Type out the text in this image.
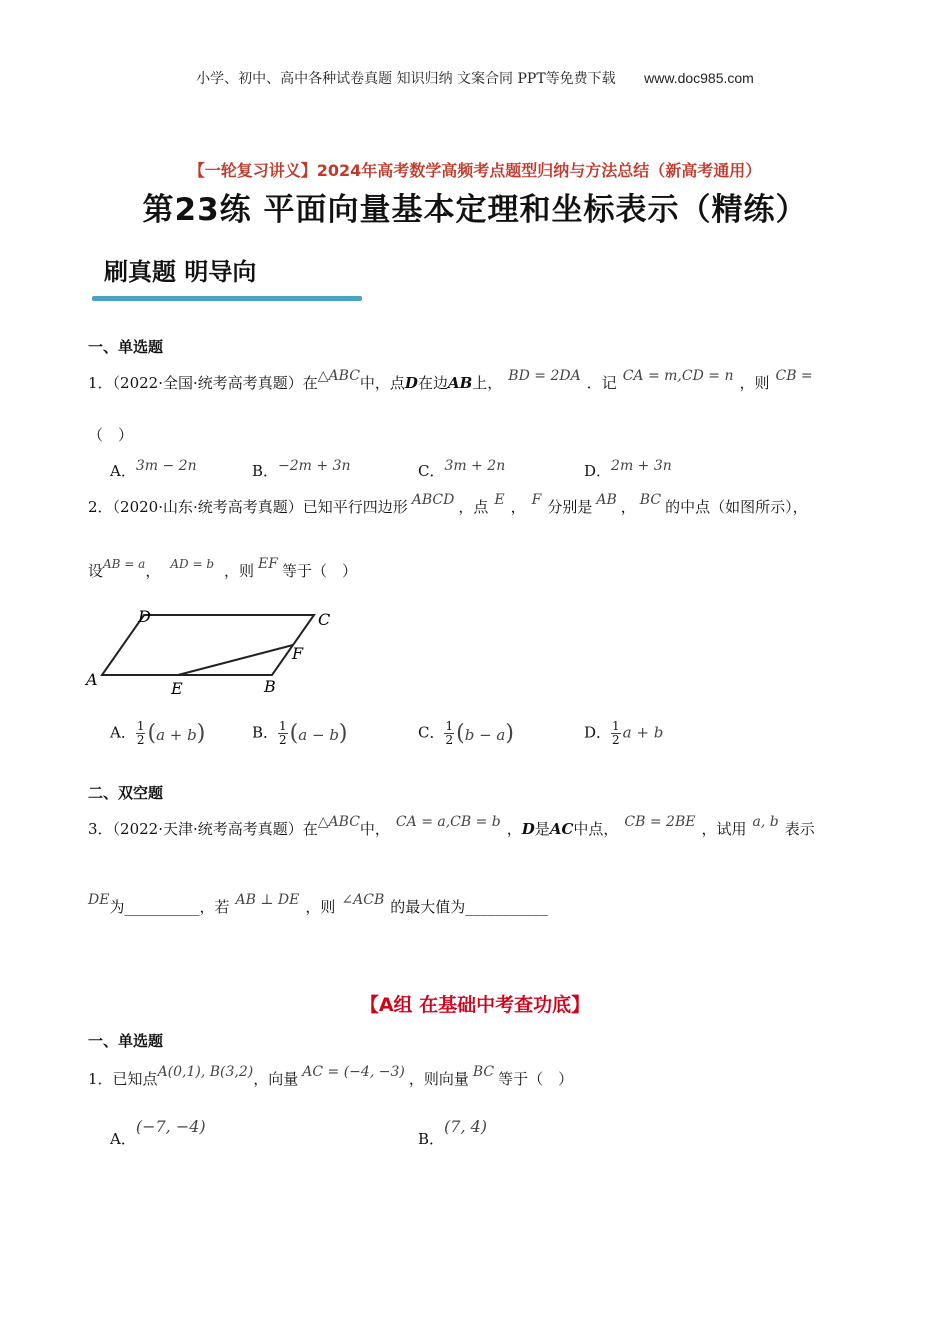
小学、初中、高中各种试卷真题 知识归纳 文案合同 PPT等免费下载 www.doc985.com
【一轮复习讲义】2024年高考数学高频考点题型归纳与方法总结（新高考通用）
第23练 平面向量基本定理和坐标表示（精练）
刷真题 明导向
一、单选题
1．（2022·全国·统考高考真题）在△ABC中，点D在边AB上， BD = 2DA ．记 CA = m,CD = n ，则 CB =
（　）
A．3m − 2n	B．−2m + 3n	C．3m + 2n	D．2m + 3n
2．（2020·山东·统考高考真题）已知平行四边形 ABCD ，点 E ， F 分别是 AB ， BC 的中点（如图所示），
设$^{AB = a}$， $^{AD = b}$ ，则 EF 等于（　）
A
D	C
F
B
E
A． $\frac{1}{2} (a + b)$	B． $\frac{1}{2} (a - b)$	C． $\frac{1}{2} (b - a)$	D． $\frac{1}{2}$ a + b
二、双空题
3．（2022·天津·统考高考真题）在△ABC中， CA = a,CB = b ，D是AC中点， CB = 2BE ，试用 a, b 表示
DE为__________，若 AB ⊥ DE ，则 ∠ACB 的最大值为___________
【A组 在基础中考查功底】
一、单选题
1．已知点A(0,1), B(3,2)，向量 AC = (−4, −3) ，则向量 BC 等于（　）
A．(−7, −4)
B．(7, 4)
